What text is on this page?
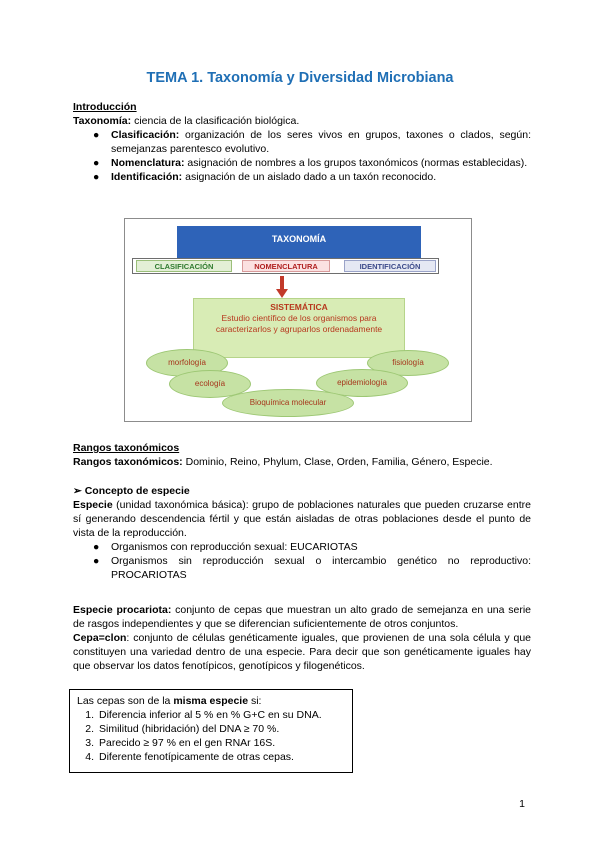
TEMA 1. Taxonomía y Diversidad Microbiana
Introducción
Taxonomía: ciencia de la clasificación biológica.
● Clasificación: organización de los seres vivos en grupos, taxones o clados, según: semejanzas parentesco evolutivo.
● Nomenclatura: asignación de nombres a los grupos taxonómicos (normas establecidas).
● Identificación: asignación de un aislado dado a un taxón reconocido.
TAXONOMÍA
CLASIFICACIÓN	NOMENCLATURA	IDENTIFICACIÓN
SISTEMÁTICA
Estudio científico de los organismos para caracterizarlos y agruparlos ordenadamente
morfología	fisiología
ecología	epidemiología
Bioquímica molecular
Rangos taxonómicos
Rangos taxonómicos: Dominio, Reino, Phylum, Clase, Orden, Familia, Género, Especie.
➢ Concepto de especie
Especie (unidad taxonómica básica): grupo de poblaciones naturales que pueden cruzarse entre sí generando descendencia fértil y que están aisladas de otras poblaciones desde el punto de vista de la reproducción.
● Organismos con reproducción sexual: EUCARIOTAS
● Organismos sin reproducción sexual o intercambio genético no reproductivo: PROCARIOTAS
Especie procariota: conjunto de cepas que muestran un alto grado de semejanza en una serie de rasgos independientes y que se diferencian suficientemente de otros conjuntos.
Cepa=clon: conjunto de células genéticamente iguales, que provienen de una sola célula y que constituyen una variedad dentro de una especie. Para decir que son genéticamente iguales hay que observar los datos fenotípicos, genotípicos y filogenéticos.
Las cepas son de la misma especie si:
1. Diferencia inferior al 5 % en % G+C en su DNA.
2. Similitud (hibridación) del DNA ≥ 70 %.
3. Parecido ≥ 97 % en el gen RNAr 16S.
4. Diferente fenotípicamente de otras cepas.
1
